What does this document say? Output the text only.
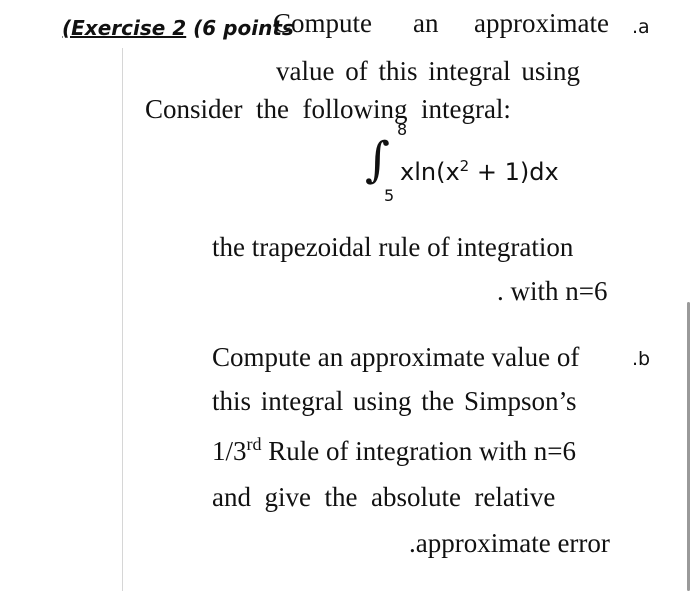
(Exercise 2 (6 points
Compute an approximate .a
value of this integral using
Consider  the  following  integral:
∫
8
5
$xln(x^2 + 1)dx$
the trapezoidal rule of integration
. with n=6
Compute an approximate value of	.b
this integral using the Simpson’s
1/3rd Rule of integration with n=6
and  give  the  absolute  relative
.approximate error
